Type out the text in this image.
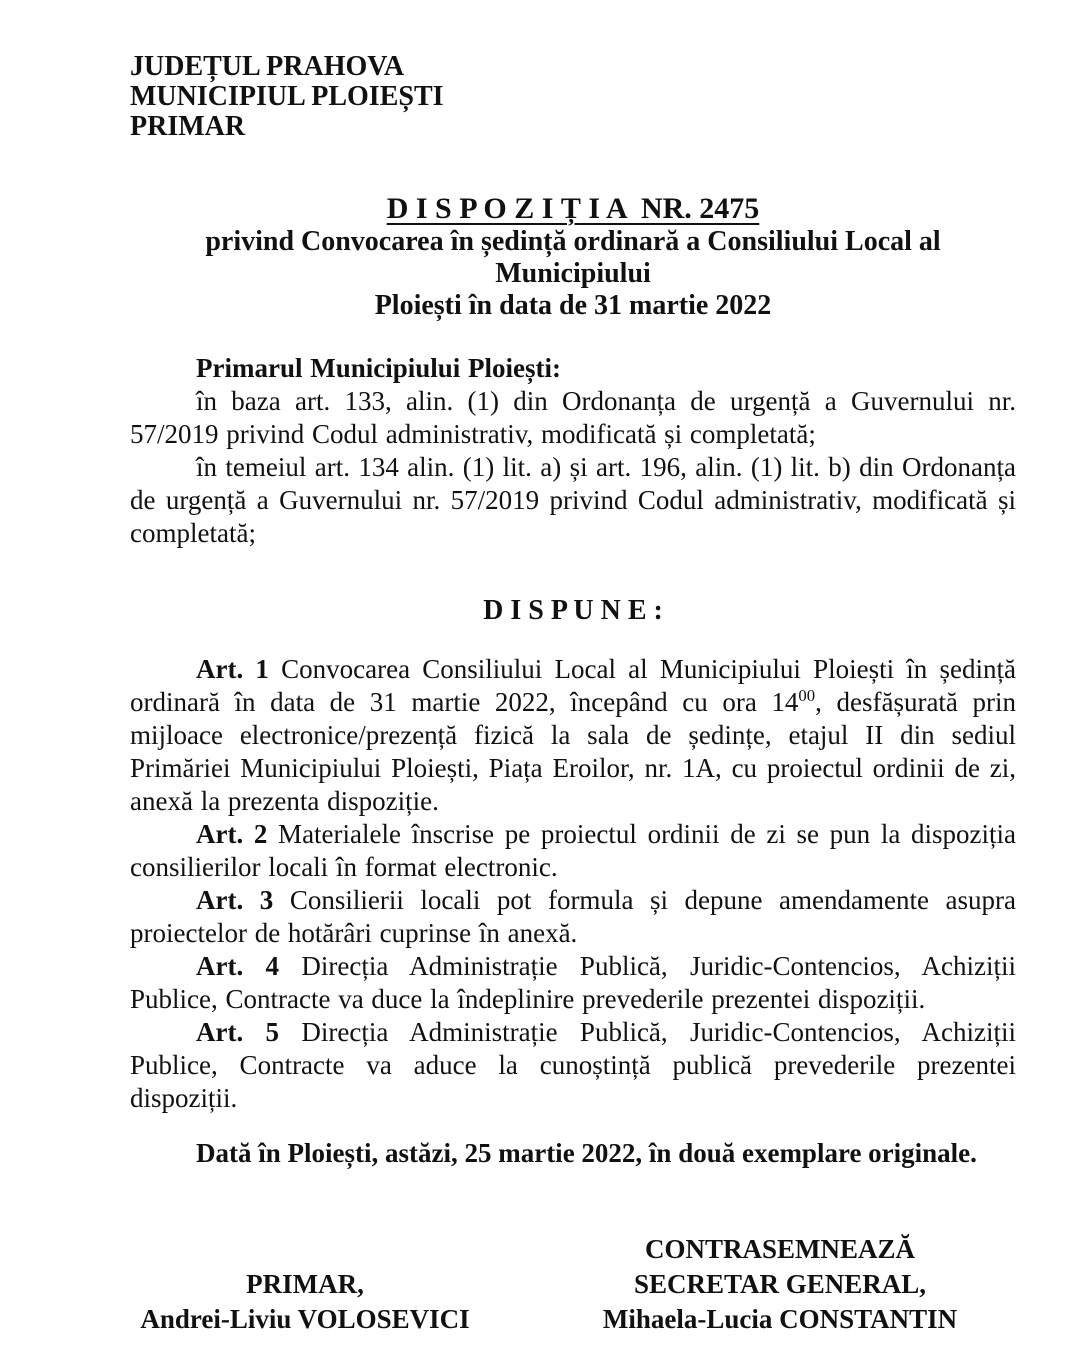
JUDEȚUL PRAHOVA
MUNICIPIUL PLOIEȘTI
PRIMAR
D I S P O Z I Ț I A  NR. 2475
privind Convocarea în ședință ordinară a Consiliului Local al Municipiului
Ploiești în data de 31 martie 2022

Primarul Municipiului Ploiești:

în baza art. 133, alin. (1) din Ordonanța de urgență a Guvernului nr. 57/2019 privind Codul administrativ, modificată și completată;

în temeiul art. 134 alin. (1) lit. a) și art. 196, alin. (1) lit. b) din Ordonanța de urgență a Guvernului nr. 57/2019 privind Codul administrativ, modificată și completată;

D I S P U N E :

Art. 1 Convocarea Consiliului Local al Municipiului Ploiești în ședință ordinară în data de 31 martie 2022, începând cu ora $14^{00}$, desfășurată prin mijloace electronice/prezență fizică la sala de ședințe, etajul II din sediul Primăriei Municipiului Ploiești, Piața Eroilor, nr. 1A, cu proiectul ordinii de zi, anexă la prezenta dispoziție.

Art. 2 Materialele înscrise pe proiectul ordinii de zi se pun la dispoziția consilierilor locali în format electronic.

Art. 3 Consilierii locali pot formula și depune amendamente asupra proiectelor de hotărâri cuprinse în anexă.

Art. 4 Direcția Administrație Publică, Juridic-Contencios, Achiziții Publice, Contracte va duce la îndeplinire prevederile prezentei dispoziții.

Art. 5 Direcția Administrație Publică, Juridic-Contencios, Achiziții Publice, Contracte va aduce la cunoștință publică prevederile prezentei dispoziții.

Dată în Ploiești, astăzi, 25 martie 2022, în două exemplare originale.

PRIMAR,
Andrei-Liviu VOLOSEVICI
CONTRASEMNEAZĂ
SECRETAR GENERAL,
Mihaela-Lucia CONSTANTIN
